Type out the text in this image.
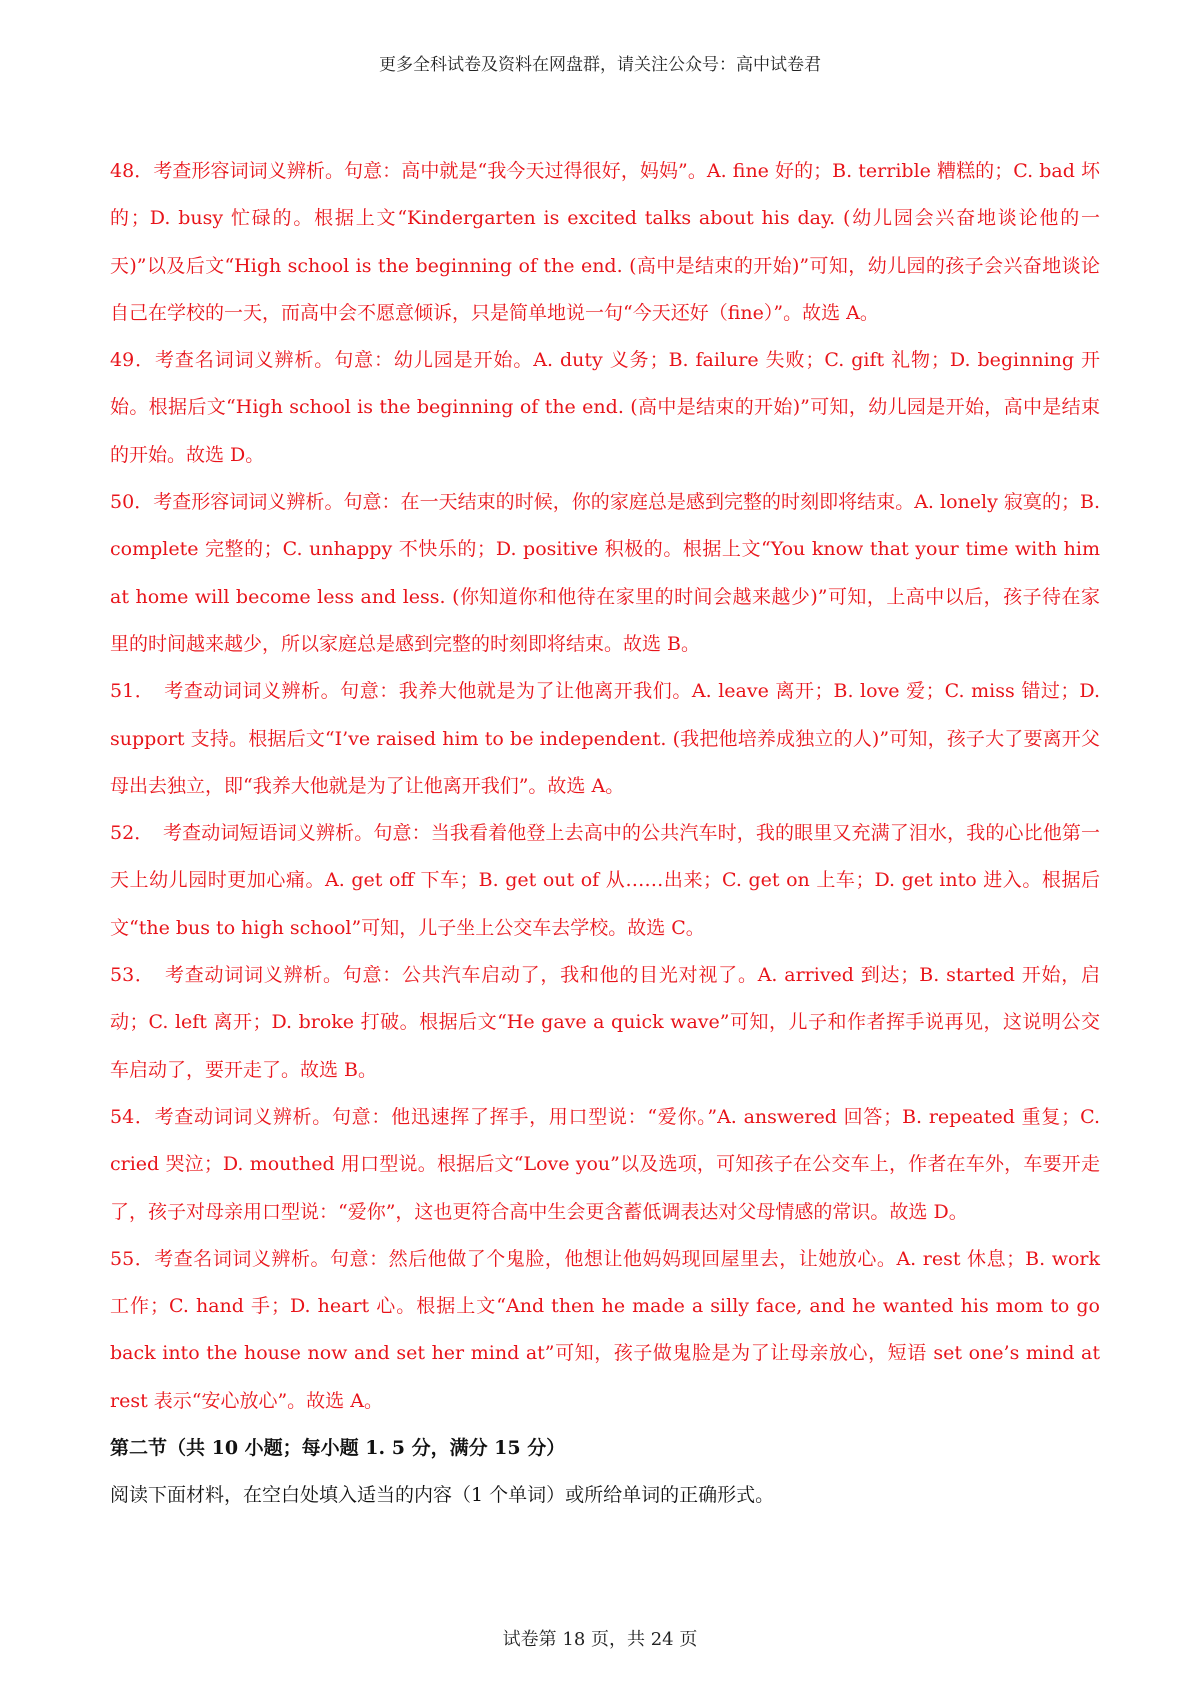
更多全科试卷及资料在网盘群，请关注公众号：高中试卷君

48．考查形容词词义辨析。句意：高中就是“我今天过得很好，妈妈”。A. fine 好的；B. terrible 糟糕的；C. bad 坏的；D. busy 忙碌的。根据上文“Kindergarten is excited talks about his day. (幼儿园会兴奋地谈论他的一天)”以及后文“High school is the beginning of the end. (高中是结束的开始)”可知，幼儿园的孩子会兴奋地谈论自己在学校的一天，而高中会不愿意倾诉，只是简单地说一句“今天还好（fine）”。故选 A。

49．考查名词词义辨析。句意：幼儿园是开始。A. duty 义务；B. failure 失败；C. gift 礼物；D. beginning 开始。根据后文“High school is the beginning of the end. (高中是结束的开始)”可知，幼儿园是开始，高中是结束的开始。故选 D。

50．考查形容词词义辨析。句意：在一天结束的时候，你的家庭总是感到完整的时刻即将结束。A. lonely 寂寞的；B. complete 完整的；C. unhappy 不快乐的；D. positive 积极的。根据上文“You know that your time with him at home will become less and less. (你知道你和他待在家里的时间会越来越少)”可知，上高中以后，孩子待在家里的时间越来越少，所以家庭总是感到完整的时刻即将结束。故选 B。

51．　考查动词词义辨析。句意：我养大他就是为了让他离开我们。A. leave 离开；B. love 爱；C. miss 错过；D. support 支持。根据后文“I’ve raised him to be independent. (我把他培养成独立的人)”可知，孩子大了要离开父母出去独立，即“我养大他就是为了让他离开我们”。故选 A。

52．　考查动词短语词义辨析。句意：当我看着他登上去高中的公共汽车时，我的眼里又充满了泪水，我的心比他第一天上幼儿园时更加心痛。A. get off 下车；B. get out of 从……出来；C. get on 上车；D. get into 进入。根据后文“the bus to high school”可知，儿子坐上公交车去学校。故选 C。

53．　考查动词词义辨析。句意：公共汽车启动了，我和他的目光对视了。A. arrived 到达；B. started 开始，启动；C. left 离开；D. broke 打破。根据后文“He gave a quick wave”可知，儿子和作者挥手说再见，这说明公交车启动了，要开走了。故选 B。

54．考查动词词义辨析。句意：他迅速挥了挥手，用口型说：“爱你。”A. answered 回答；B. repeated 重复；C. cried 哭泣；D. mouthed 用口型说。根据后文“Love you”以及选项，可知孩子在公交车上，作者在车外，车要开走了，孩子对母亲用口型说：“爱你”，这也更符合高中生会更含蓄低调表达对父母情感的常识。故选 D。

55．考查名词词义辨析。句意：然后他做了个鬼脸，他想让他妈妈现回屋里去，让她放心。A. rest 休息；B. work 工作；C. hand 手；D. heart 心。根据上文“And then he made a silly face, and he wanted his mom to go back into the house now and set her mind at”可知，孩子做鬼脸是为了让母亲放心，短语 set one’s mind at rest 表示“安心放心”。故选 A。

第二节（共 10 小题；每小题 1. 5 分，满分 15 分）

阅读下面材料，在空白处填入适当的内容（1 个单词）或所给单词的正确形式。

试卷第 18 页，共 24 页
